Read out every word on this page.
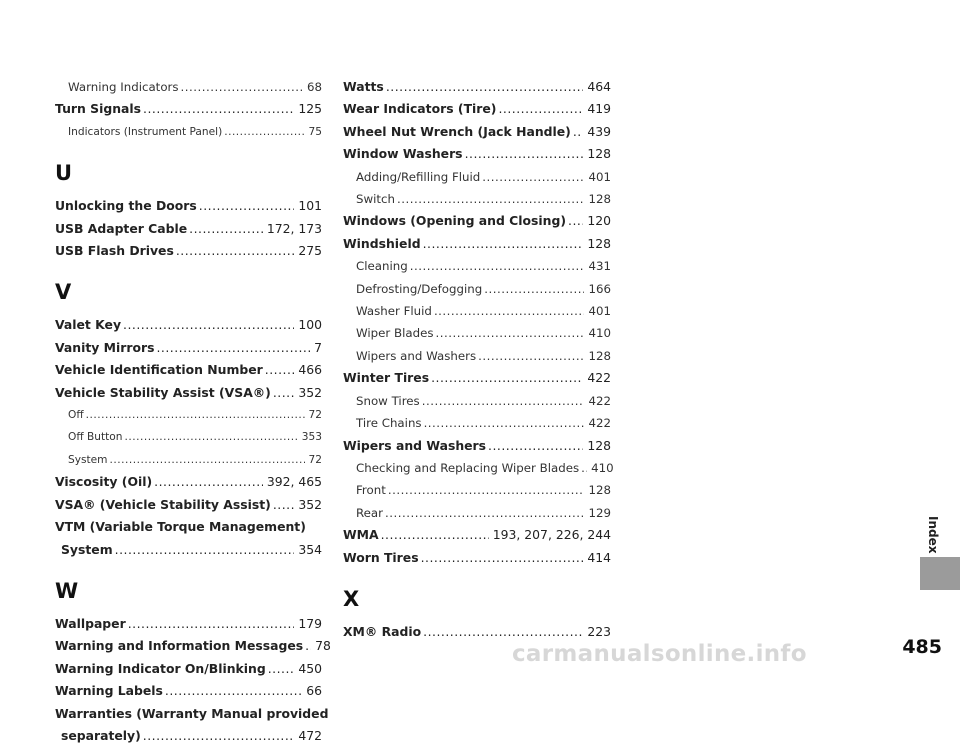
Warning Indicators .....	68
Turn Signals .....	125
Indicators (Instrument Panel) .....	75
U
Unlocking the Doors .....	101
USB Adapter Cable .....	172, 173
USB Flash Drives .....	275
V
Valet Key .....	100
Vanity Mirrors .....	7
Vehicle Identification Number .....	466
Vehicle Stability Assist (VSA®) ..... 352
Off .....	72
Off Button .....	353
System .....	72
Viscosity (Oil) .....	392, 465
VSA® (Vehicle Stability Assist) ..... 352
VTM (Variable Torque Management)
System .....	354
W
Wallpaper .....	179
Warning and Information Messages ..... 78
Warning Indicator On/Blinking .....	450
Warning Labels .....	66
Warranties (Warranty Manual provided
separately) .....	472
Watts .....	464
Wear Indicators (Tire) .....	419
Wheel Nut Wrench (Jack Handle) ..... 439
Window Washers .....	128
Adding/Refilling Fluid .....	401
Switch .....	128
Windows (Opening and Closing) ..... 120
Windshield .....	128
Cleaning .....	431
Defrosting/Defogging .....	166
Washer Fluid .....	401
Wiper Blades .....	410
Wipers and Washers .....	128
Winter Tires .....	422
Snow Tires .....	422
Tire Chains .....	422
Wipers and Washers .....	128
Checking and Replacing Wiper Blades ..... 410
Front .....	128
Rear .....	129
WMA .....	193, 207, 226, 244
Worn Tires .....	414
X
XM® Radio .....	223
Index
485
carmanualsonline.info
